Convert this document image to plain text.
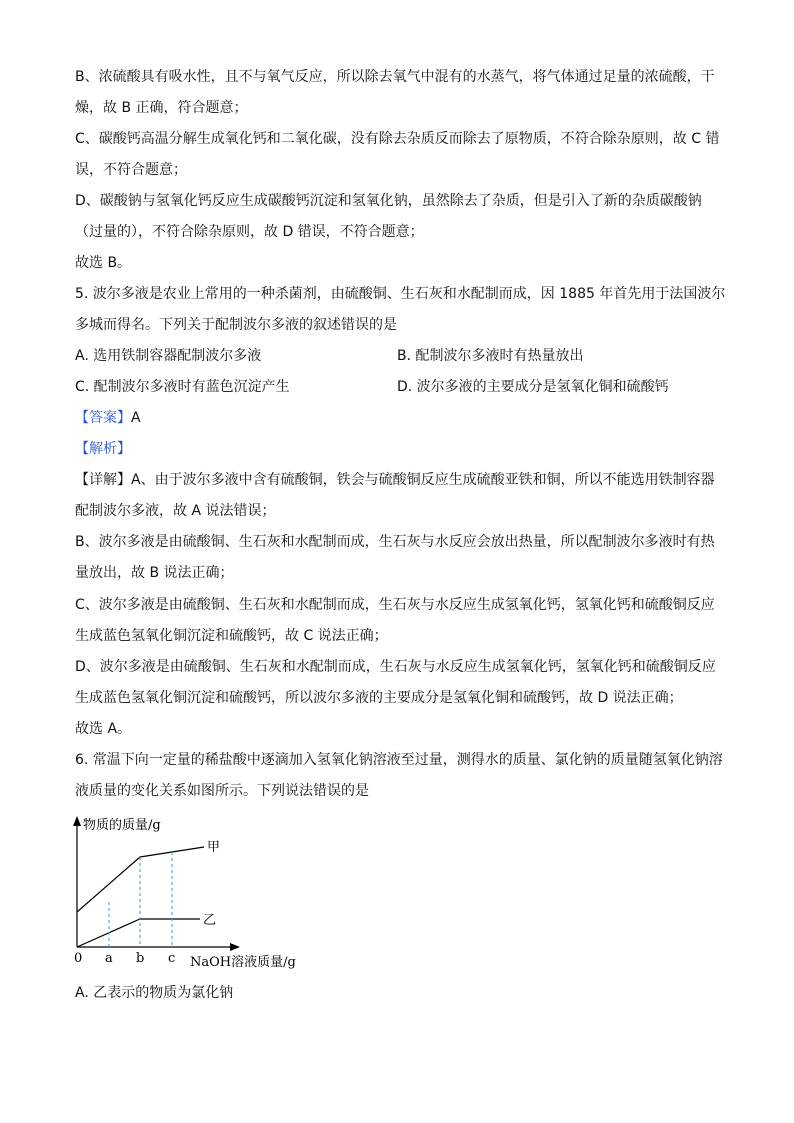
B、浓硫酸具有吸水性，且不与氧气反应，所以除去氧气中混有的水蒸气，将气体通过足量的浓硫酸，干
燥，故 B 正确，符合题意；
C、碳酸钙高温分解生成氧化钙和二氧化碳，没有除去杂质反而除去了原物质，不符合除杂原则，故 C 错
误，不符合题意；
D、碳酸钠与氢氧化钙反应生成碳酸钙沉淀和氢氧化钠，虽然除去了杂质，但是引入了新的杂质碳酸钠
（过量的），不符合除杂原则，故 D 错误，不符合题意；
故选 B。
5. 波尔多液是农业上常用的一种杀菌剂，由硫酸铜、生石灰和水配制而成，因 1885 年首先用于法国波尔
多城而得名。下列关于配制波尔多液的叙述错误的是
A. 选用铁制容器配制波尔多液	B. 配制波尔多液时有热量放出
C. 配制波尔多液时有蓝色沉淀产生	D. 波尔多液的主要成分是氢氧化铜和硫酸钙
【答案】A
【解析】
【详解】A、由于波尔多液中含有硫酸铜，铁会与硫酸铜反应生成硫酸亚铁和铜，所以不能选用铁制容器
配制波尔多液，故 A 说法错误；
B、波尔多液是由硫酸铜、生石灰和水配制而成，生石灰与水反应会放出热量，所以配制波尔多液时有热
量放出，故 B 说法正确；
C、波尔多液是由硫酸铜、生石灰和水配制而成，生石灰与水反应生成氢氧化钙，氢氧化钙和硫酸铜反应
生成蓝色氢氧化铜沉淀和硫酸钙，故 C 说法正确；
D、波尔多液是由硫酸铜、生石灰和水配制而成，生石灰与水反应生成氢氧化钙，氢氧化钙和硫酸铜反应
生成蓝色氢氧化铜沉淀和硫酸钙，所以波尔多液的主要成分是氢氧化铜和硫酸钙，故 D 说法正确；
故选 A。
6. 常温下向一定量的稀盐酸中逐滴加入氢氧化钠溶液至过量，测得水的质量、氯化钠的质量随氢氧化钠溶
液质量的变化关系如图所示。下列说法错误的是
物质的质量/g
甲
乙
0 a b c NaOH溶液质量/g
A. 乙表示的物质为氯化钠
